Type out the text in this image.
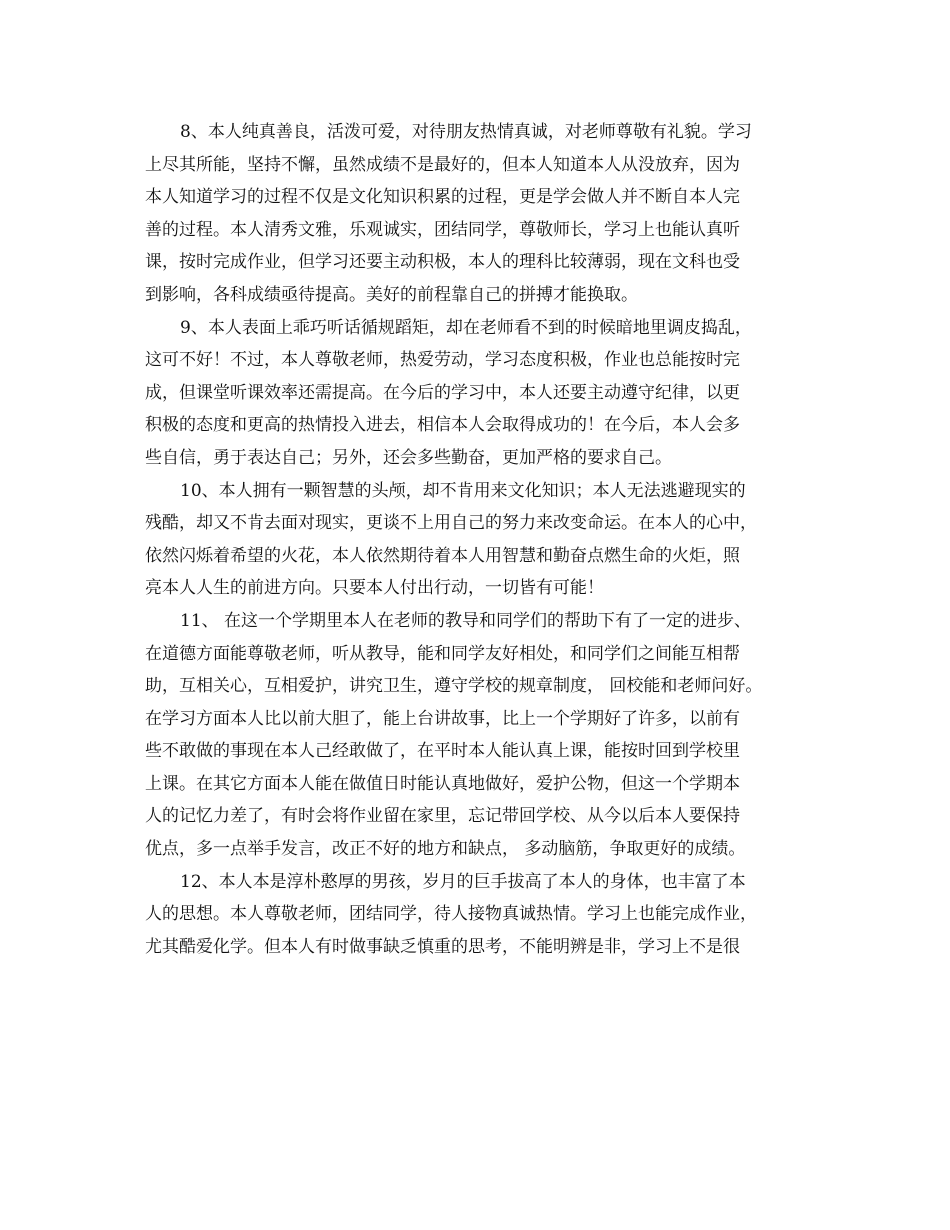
8、本人纯真善良，活泼可爱，对待朋友热情真诚，对老师尊敬有礼貌。学习
上尽其所能，坚持不懈，虽然成绩不是最好的，但本人知道本人从没放弃，因为
本人知道学习的过程不仅是文化知识积累的过程，更是学会做人并不断自本人完
善的过程。本人清秀文雅，乐观诚实，团结同学，尊敬师长，学习上也能认真听
课，按时完成作业，但学习还要主动积极，本人的理科比较薄弱，现在文科也受
到影响，各科成绩亟待提高。美好的前程靠自己的拼搏才能换取。
9、本人表面上乖巧听话循规蹈矩，却在老师看不到的时候暗地里调皮捣乱，
这可不好！不过，本人尊敬老师，热爱劳动，学习态度积极，作业也总能按时完
成，但课堂听课效率还需提高。在今后的学习中，本人还要主动遵守纪律，以更
积极的态度和更高的热情投入进去，相信本人会取得成功的！在今后，本人会多
些自信，勇于表达自己；另外，还会多些勤奋，更加严格的要求自己。
10、本人拥有一颗智慧的头颅，却不肯用来文化知识；本人无法逃避现实的
残酷，却又不肯去面对现实，更谈不上用自己的努力来改变命运。在本人的心中，
依然闪烁着希望的火花，本人依然期待着本人用智慧和勤奋点燃生命的火炬，照
亮本人人生的前进方向。只要本人付出行动，一切皆有可能！
11、 在这一个学期里本人在老师的教导和同学们的帮助下有了一定的进步、
在道德方面能尊敬老师，听从教导，能和同学友好相处，和同学们之间能互相帮
助，互相关心，互相爱护，讲究卫生，遵守学校的规章制度， 回校能和老师问好。
在学习方面本人比以前大胆了，能上台讲故事，比上一个学期好了许多，以前有
些不敢做的事现在本人己经敢做了，在平时本人能认真上课，能按时回到学校里
上课。在其它方面本人能在做值日时能认真地做好，爱护公物，但这一个学期本
人的记忆力差了，有时会将作业留在家里，忘记带回学校、从今以后本人要保持
优点，多一点举手发言，改正不好的地方和缺点， 多动脑筋，争取更好的成绩。
12、本人本是淳朴憨厚的男孩，岁月的巨手拔高了本人的身体，也丰富了本
人的思想。本人尊敬老师，团结同学，待人接物真诚热情。学习上也能完成作业，
尤其酷爱化学。但本人有时做事缺乏慎重的思考，不能明辨是非，学习上不是很
